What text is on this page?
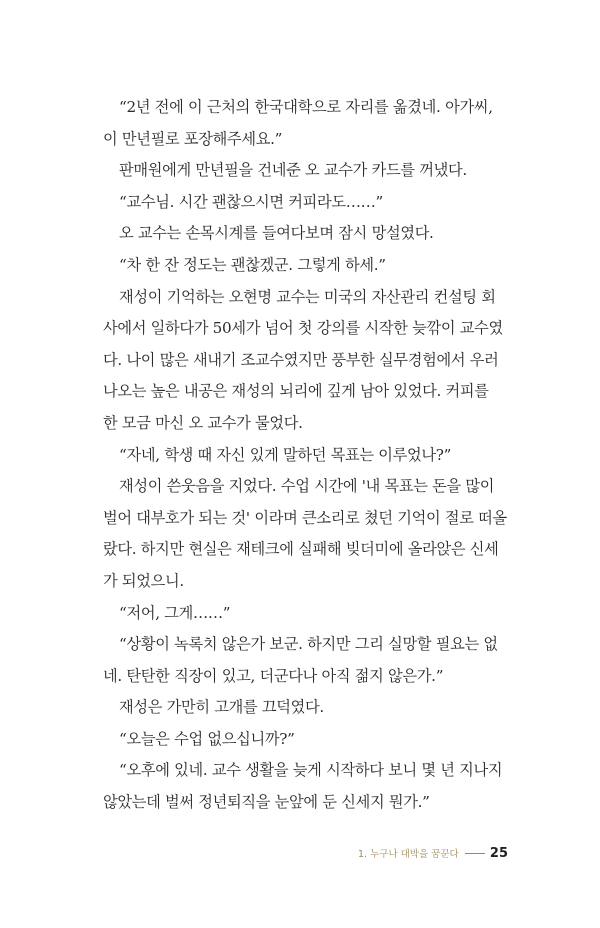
“2년 전에 이 근처의 한국대학으로 자리를 옮겼네. 아가씨,
이 만년필로 포장해주세요.”
판매원에게 만년필을 건네준 오 교수가 카드를 꺼냈다.
“교수님. 시간 괜찮으시면 커피라도……”
오 교수는 손목시계를 들여다보며 잠시 망설였다.
“차 한 잔 정도는 괜찮겠군. 그렇게 하세.”
재성이 기억하는 오현명 교수는 미국의 자산관리 컨설팅 회
사에서 일하다가 50세가 넘어 첫 강의를 시작한 늦깎이 교수였
다. 나이 많은 새내기 조교수였지만 풍부한 실무경험에서 우러
나오는 높은 내공은 재성의 뇌리에 깊게 남아 있었다. 커피를
한 모금 마신 오 교수가 물었다.
“자네, 학생 때 자신 있게 말하던 목표는 이루었나?”
재성이 쓴웃음을 지었다. 수업 시간에 '내 목표는 돈을 많이
벌어 대부호가 되는 것' 이라며 큰소리로 쳤던 기억이 절로 떠올
랐다. 하지만 현실은 재테크에 실패해 빚더미에 올라앉은 신세
가 되었으니.
“저어, 그게……”
“상황이 녹록치 않은가 보군. 하지만 그리 실망할 필요는 없
네. 탄탄한 직장이 있고, 더군다나 아직 젊지 않은가.”
재성은 가만히 고개를 끄덕였다.
“오늘은 수업 없으십니까?”
“오후에 있네. 교수 생활을 늦게 시작하다 보니 몇 년 지나지
않았는데 벌써 정년퇴직을 눈앞에 둔 신세지 뭔가.”
1. 누구나 대박을 꿈꾼다 25
